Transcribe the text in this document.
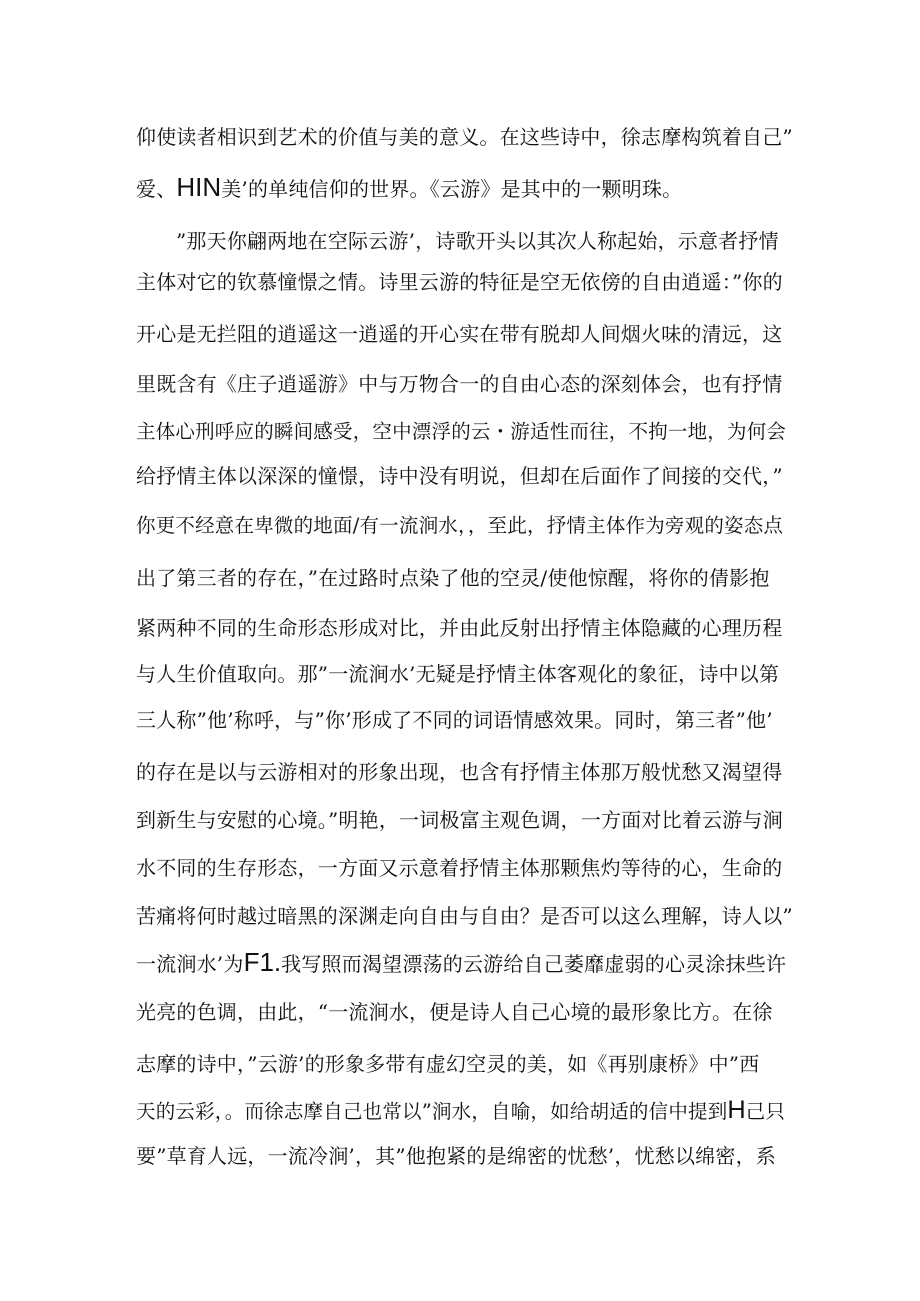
仰使读者相识到艺术的价值与美的意义。在这些诗中，徐志摩构筑着自己”
爱、HIN美’的单纯信仰的世界。《云游》是其中的一颗明珠。
”那天你翩两地在空际云游’，诗歌开头以其次人称起始，示意者抒情
主体对它的钦慕憧憬之情。诗里云游的特征是空无依傍的自由逍遥：”你的
开心是无拦阻的逍遥这一逍遥的开心实在带有脱却人间烟火味的清远，这
里既含有《庄子逍遥游》中与万物合一的自由心态的深刻体会，也有抒情
主体心刑呼应的瞬间感受，空中漂浮的云・游适性而往，不拘一地，为何会
给抒情主体以深深的憧憬，诗中没有明说，但却在后面作了间接的交代，”
你更不经意在卑微的地面/有一流涧水，，至此，抒情主体作为旁观的姿态点
出了第三者的存在，”在过路时点染了他的空灵/使他惊醒，将你的倩影抱
紧两种不同的生命形态形成对比，并由此反射出抒情主体隐藏的心理历程
与人生价值取向。那”一流涧水’无疑是抒情主体客观化的象征，诗中以第
三人称”他’称呼，与”你’形成了不同的词语情感效果。同时，第三者”他’
的存在是以与云游相对的形象出现，也含有抒情主体那万般忧愁又渴望得
到新生与安慰的心境。”明艳，一词极富主观色调，一方面对比着云游与涧
水不同的生存形态，一方面又示意着抒情主体那颗焦灼等待的心，生命的
苦痛将何时越过暗黑的深渊走向自由与自由？是否可以这么理解，诗人以”
一流涧水’为F1.我写照而渴望漂荡的云游给自己萎靡虚弱的心灵涂抹些许
光亮的色调，由此，“一流涧水，便是诗人自己心境的最形象比方。在徐
志摩的诗中，”云游’的形象多带有虚幻空灵的美，如《再别康桥》中”西
天的云彩，。而徐志摩自己也常以”涧水，自喻，如给胡适的信中提到H己只
要”草育人远，一流冷涧’，其”他抱紧的是绵密的忧愁’，忧愁以绵密，系
